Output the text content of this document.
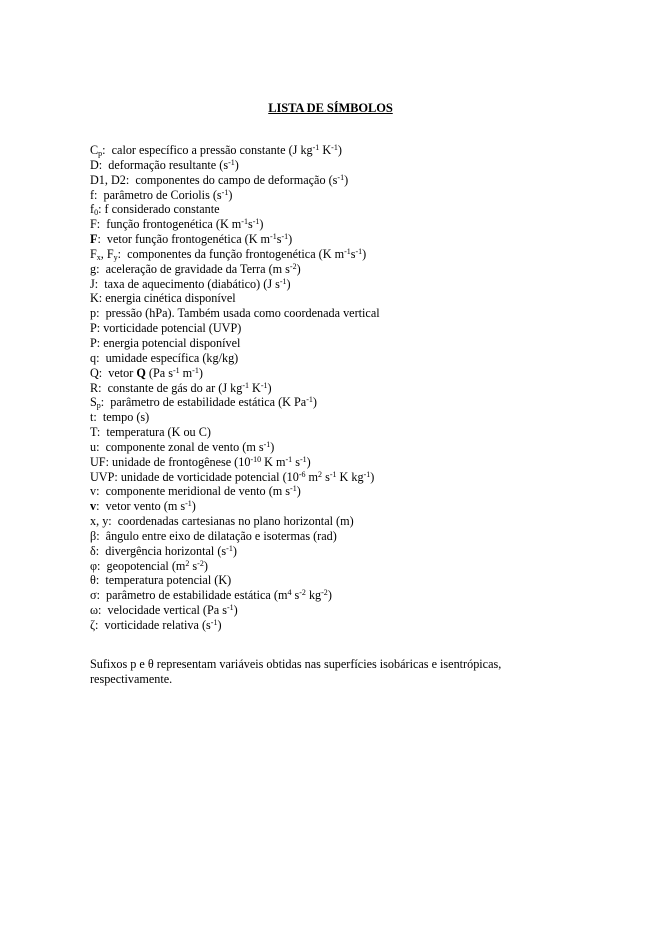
LISTA DE SÍMBOLOS
$C_p$:  calor específico a pressão constante (J $kg^{-1}$ $K^{-1}$)
D:  deformação resultante $(s^{-1})$
D1, D2:  componentes do campo de deformação $(s^{-1})$
f:  parâmetro de Coriolis $(s^{-1})$
$f_0$: f considerado constante
F:  função frontogenética (K $m^{-1}s^{-1}$)
F:  vetor função frontogenética (K $m^{-1}s^{-1}$)
$F_x$, $F_y$:  componentes da função frontogenética (K $m^{-1}s^{-1}$)
g:  aceleração de gravidade da Terra (m $s^{-2}$)
J:  taxa de aquecimento (diabático) (J $s^{-1}$)
K: energia cinética disponível
p:  pressão (hPa). Também usada como coordenada vertical
P: vorticidade potencial (UVP)
P: energia potencial disponível
q:  umidade específica (kg/kg)
Q:  vetor Q (Pa $s^{-1}$ $m^{-1}$)
R:  constante de gás do ar (J $kg^{-1}$ $K^{-1}$)
$S_p$:  parâmetro de estabilidade estática (K $Pa^{-1}$)
t:  tempo (s)
T:  temperatura (K ou C)
u:  componente zonal de vento (m $s^{-1}$)
UF: unidade de frontogênese ($10^{-10}$ K $m^{-1}$ $s^{-1}$)
UVP: unidade de vorticidade potencial ($10^{-6}$ $m^2$ $s^{-1}$ K $kg^{-1}$)
v:  componente meridional de vento (m $s^{-1}$)
v:  vetor vento (m $s^{-1}$)
x, y:  coordenadas cartesianas no plano horizontal (m)
β:  ângulo entre eixo de dilatação e isotermas (rad)
δ:  divergência horizontal $(s^{-1})$
φ:  geopotencial ($m^2$ $s^{-2}$)
θ:  temperatura potencial (K)
σ:  parâmetro de estabilidade estática ($m^4$ $s^{-2}$ $kg^{-2}$)
ω:  velocidade vertical (Pa $s^{-1}$)
ζ:  vorticidade relativa $(s^{-1})$
Sufixos p e θ representam variáveis obtidas nas superfícies isobáricas e isentrópicas, respectivamente.
